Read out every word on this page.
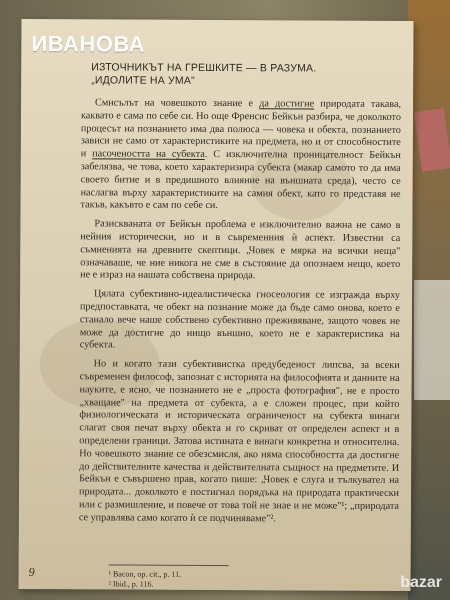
ИВАНОВА
ИЗТОЧНИКЪТ НА ГРЕШКИТЕ — В РАЗУМА.
„ИДОЛИТЕ НА УМА"

Смисълът на човешкото знание е да достигне природата такава, каквато е сама по себе си. Но още Френсис Бейкън разбира, че доколкото процесът на познанието има два полюса — човека и обекта, познанието зависи не само от характеристиките на предмета, но и от способностите и пасочеността на субекта. С изключителна проницателност Бейкън забелязва, че това, което характеризира субекта (макар самото то да има своето битие и в предишното влияние на външната среда), често се наслагва върху характеристиките на самия обект, като го представя не такъв, какъвто е сам по себе си.

Разискваната от Бейкън проблема е изключително важна не само в нейния исторически, но и в съвременния ѝ аспект. Известни са съмненията на древните скептици. „Човек е мярка на всички неща" означаваше, че ние никога не сме в състояние да опознаем нещо, което не е израз на нашата собствена природа.

Цялата субективно-идеалистическа гносеология се изгражда върху предпоставката, че обект на познание може да бъде само онова, което е станало вече наше собствено субективно преживяване, защото човек не може да достигне до нищо външно, което не е характеристика на субекта.

Но и когато тази субективистка предубеденост липсва, за всеки съвременен философ, запознат с историята на философията и данните на науките, е ясно, че познанието не е „проста фотография", не е просто „хващане" на предмета от субекта, а е сложен процес, при който физиологическата и историческата ограниченост на субекта винаги слагат своя печат върху обекта и го скриват от определен аспект и в определени граници. Затова истината е винаги конкретна и относителна. Но човешкото знание се обезсмисля, ако няма способността да достигне до действителните качества и действителната същност на предметите. И Бейкън е съвършено прав, когато пише: „Човек е слуга и тълкувател на природата... доколкото е постигнал порядъка на природата практически или с размишление, и повече от това той не знае и не може"¹; „природата се управлява само когато ѝ се подчиняваме"².

9	¹ Bacon, op. cit., p. 11.
² Ibid., p. 116.	bazar
